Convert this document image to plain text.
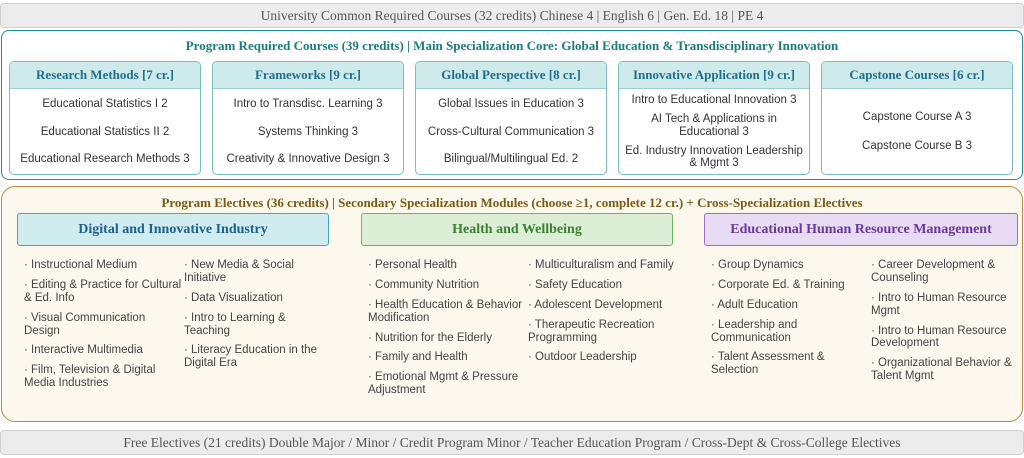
University Common Required Courses (32 credits) Chinese 4 | English 6 | Gen. Ed. 18 | PE 4
Program Required Courses (39 credits) | Main Specialization Core: Global Education & Transdisciplinary Innovation
Research Methods [7 cr.]
Educational Statistics I 2
Educational Statistics II 2
Educational Research Methods 3
Frameworks [9 cr.]
Intro to Transdisc. Learning 3
Systems Thinking 3
Creativity & Innovative Design 3
Global Perspective [8 cr.]
Global Issues in Education 3
Cross-Cultural Communication 3
Bilingual/Multilingual Ed. 2
Innovative Application [9 cr.]
Intro to Educational Innovation 3
AI Tech & Applications in Educational 3
Ed. Industry Innovation Leadership & Mgmt 3
Capstone Courses [6 cr.]
Capstone Course A 3
Capstone Course B 3
Program Electives (36 credits) | Secondary Specialization Modules (choose ≥1, complete 12 cr.) + Cross-Specialization Electives
Digital and Innovative Industry	Health and Wellbeing	Educational Human Resource Management
· Instructional Medium
· Editing & Practice for Cultural & Ed. Info
· Visual Communication Design
· Interactive Multimedia
· Film, Television & Digital Media Industries
· New Media & Social Initiative
· Data Visualization
· Intro to Learning & Teaching
· Literacy Education in the Digital Era
· Personal Health
· Community Nutrition
· Health Education & Behavior Modification
· Nutrition for the Elderly
· Family and Health
· Emotional Mgmt & Pressure Adjustment
· Multiculturalism and Family
· Safety Education
· Adolescent Development
· Therapeutic Recreation Programming
· Outdoor Leadership
· Group Dynamics
· Corporate Ed. & Training
· Adult Education
· Leadership and Communication
· Talent Assessment & Selection
· Career Development & Counseling
· Intro to Human Resource Mgmt
· Intro to Human Resource Development
· Organizational Behavior & Talent Mgmt
Free Electives (21 credits) Double Major / Minor / Credit Program Minor / Teacher Education Program / Cross-Dept & Cross-College Electives
